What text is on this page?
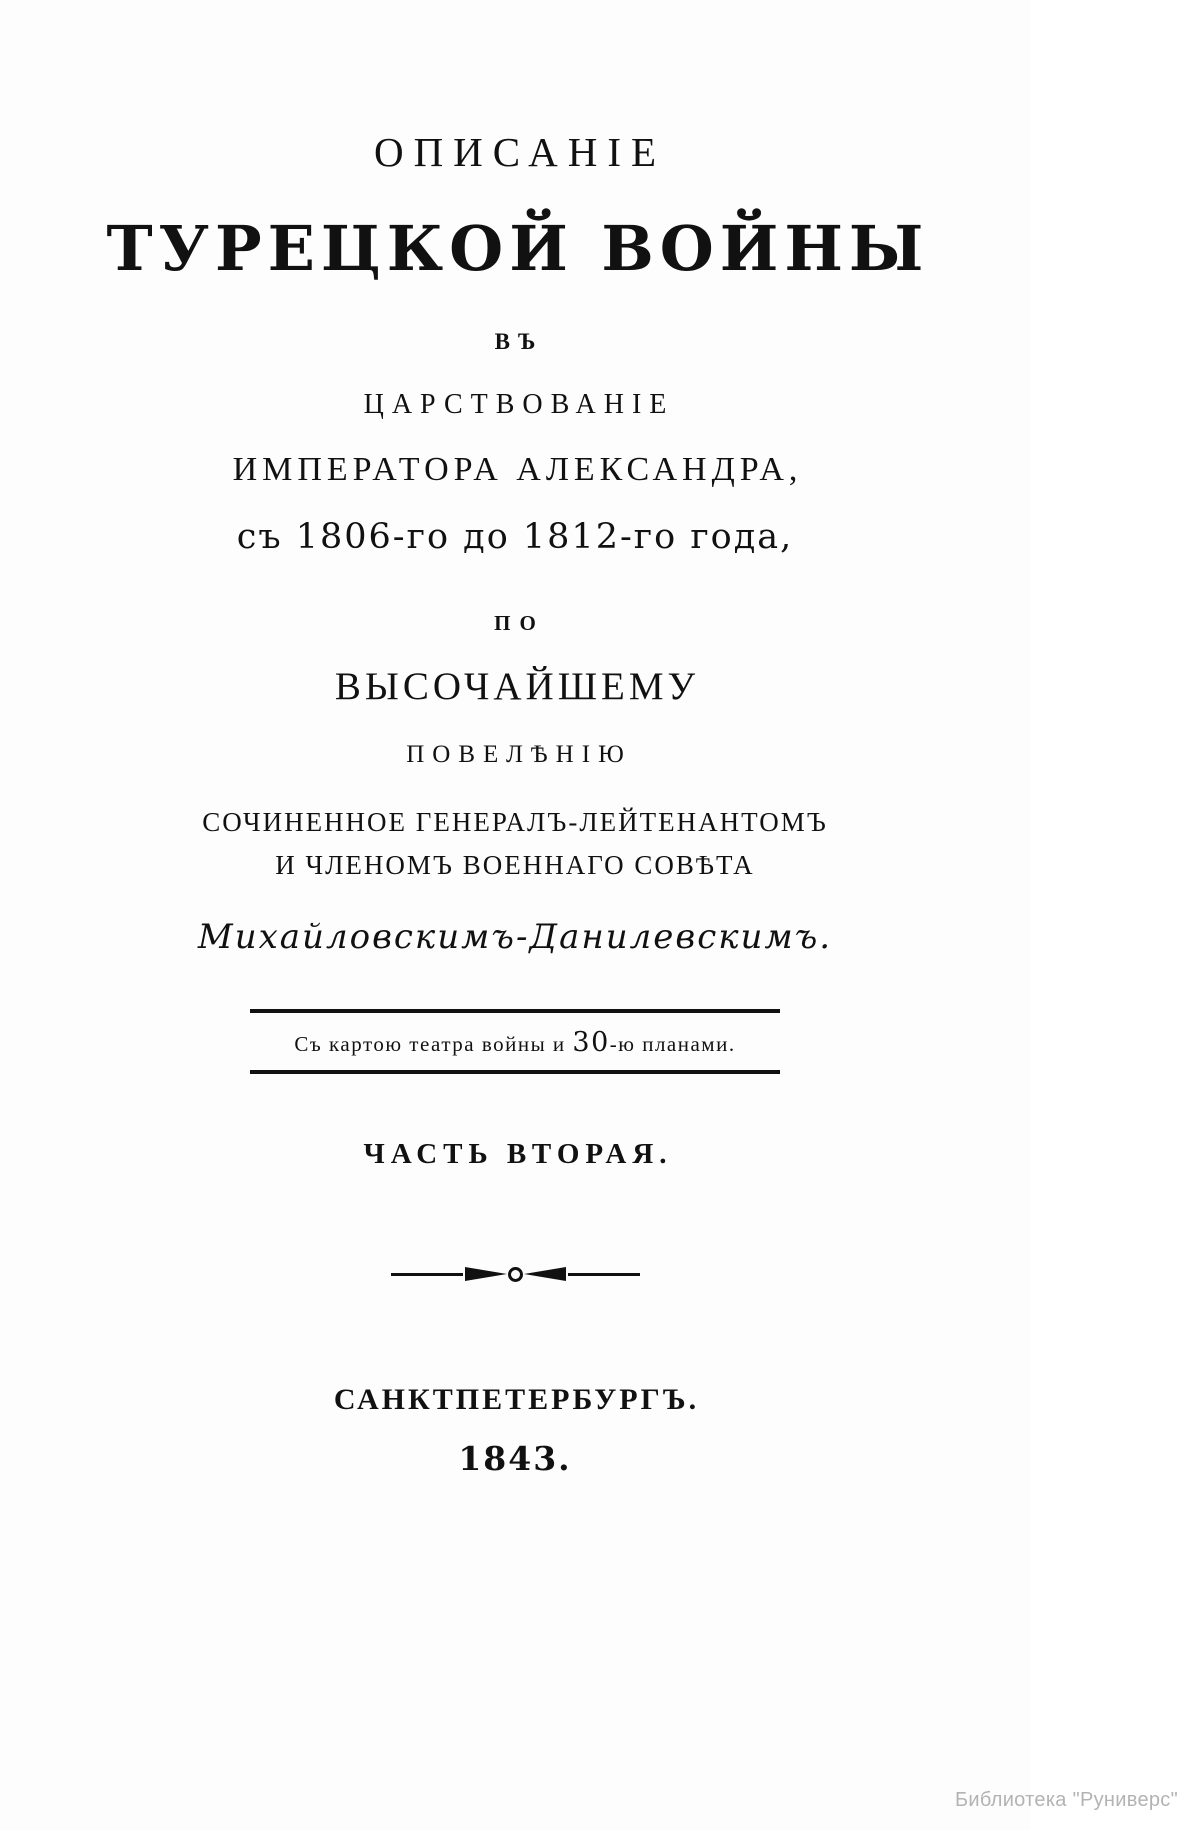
ОПИСАНІЕ
ТУРЕЦКОЙ ВОЙНЫ
ВЪ
ЦАРСТВОВАНІЕ
ИМПЕРАТОРА АЛЕКСАНДРА,
съ 1806-го до 1812-го года,
ПО
ВЫСОЧАЙШЕМУ
ПОВЕЛѢНІЮ
СОЧИНЕННОЕ ГЕНЕРАЛЪ-ЛЕЙТЕНАНТОМЪ
И ЧЛЕНОМЪ ВОЕННАГО СОВѢТА
Михайловскимъ-Данилевскимъ.
Съ картою театра войны и 30-ю планами.
ЧАСТЬ ВТОРАЯ.
САНКТПЕТЕРБУРГЪ.
1843.
Библиотека "Руниверс"
